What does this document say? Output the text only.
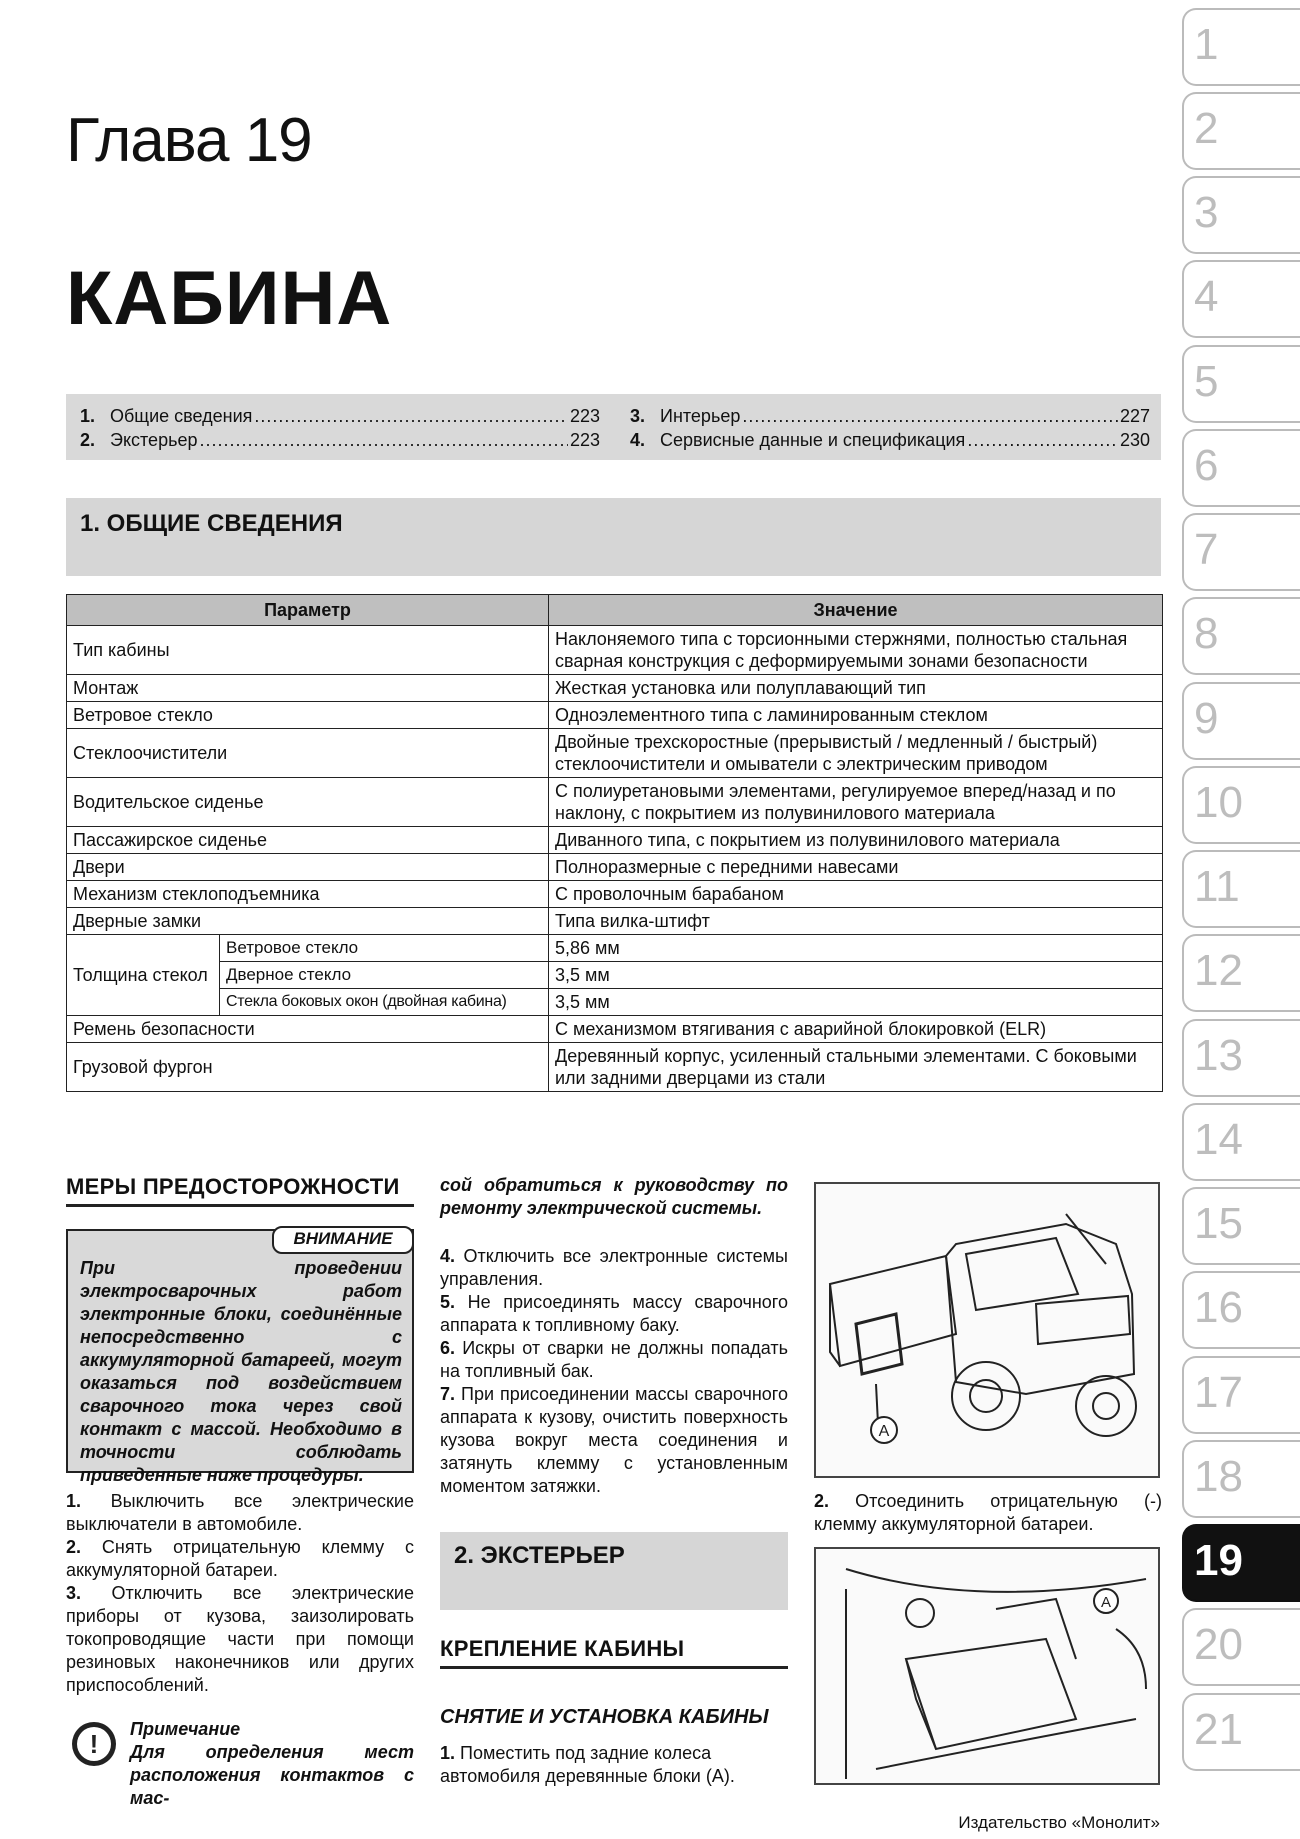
Глава 19
КАБИНА
1. Общие сведения .....	223
2. Экстерьер .....	223
3. Интерьер .....	227
4. Сервисные данные и спецификация .....	230
1. ОБЩИЕ СВЕДЕНИЯ
Параметр		Значение
Тип кабины		Наклоняемого типа с торсионными стержнями, полностью стальная сварная конструкция с деформируемыми зонами безопасности
Монтаж		Жесткая установка или полуплавающий тип
Ветровое стекло		Одноэлементного типа с ламинированным стеклом
Стеклоочистители		Двойные трехскоростные (прерывистый / медленный / быстрый) стеклоочистители и омыватели с электрическим приводом
Водительское сиденье		С полиуретановыми элементами, регулируемое вперед/назад и по наклону, с покрытием из полувинилового материала
Пассажирское сиденье		Диванного типа, с покрытием из полувинилового материала
Двери		Полноразмерные с передними навесами
Механизм стеклоподъемника		С проволочным барабаном
Дверные замки		Типа вилка-штифт
Толщина стекол	Ветровое стекло	5,86 мм
	Дверное стекло	3,5 мм
	Стекла боковых окон (двойная кабина)	3,5 мм
Ремень безопасности		С механизмом втягивания с аварийной блокировкой (ELR)
Грузовой фургон		Деревянный корпус, усиленный стальными элементами. С боковыми или задними дверцами из стали
МЕРЫ ПРЕДОСТОРОЖНОСТИ
ВНИМАНИЕ
При проведении электросварочных работ электронные блоки, соединённые непосредственно с аккумуляторной батареей, могут оказаться под воздействием сварочного тока через свой контакт с массой. Необходимо в точности соблюдать приведенные ниже процедуры.
1. Выключить все электрические выключатели в автомобиле.
2. Снять отрицательную клемму с аккумуляторной батареи.
3. Отключить все электрические приборы от кузова, заизолировать токопроводящие части при помощи резиновых наконечников или других приспособлений.
! Примечание
Для определения мест расположения контактов с мас-
сой обратиться к руководству по ремонту электрической системы.
4. Отключить все электронные системы управления.
5. Не присоединять массу сварочного аппарата к топливному баку.
6. Искры от сварки не должны попадать на топливный бак.
7. При присоединении массы сварочного аппарата к кузову, очистить поверхность кузова вокруг места соединения и затянуть клемму с установленным моментом затяжки.
2. ЭКСТЕРЬЕР
КРЕПЛЕНИЕ КАБИНЫ
СНЯТИЕ И УСТАНОВКА КАБИНЫ
1. Поместить под задние колеса автомобиля деревянные блоки (А).
A
2. Отсоединить отрицательную (-) клемму аккумуляторной батареи.
A
1
2
3
4
5
6
7
8
9
10
11
12
13
14
15
16
17
18
19
20
21
Издательство «Монолит»
